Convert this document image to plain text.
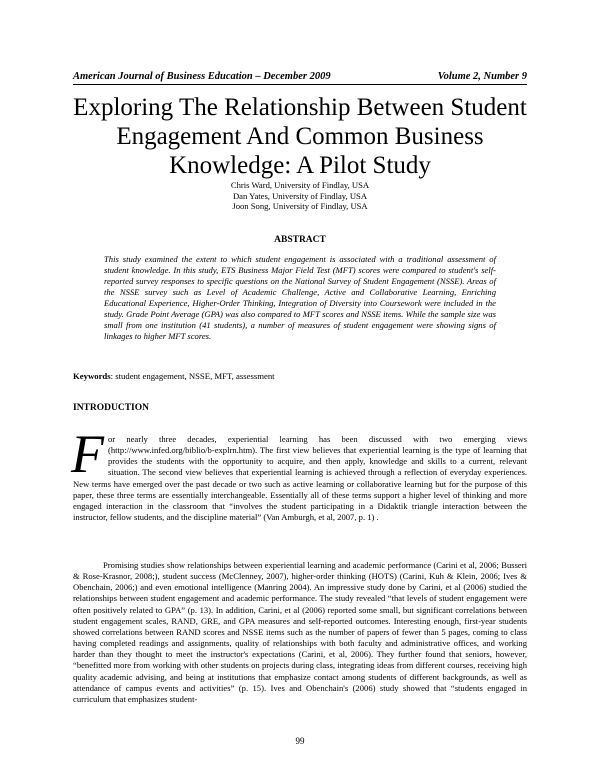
American Journal of Business Education – December 2009	Volume 2, Number 9
Exploring The Relationship Between Student Engagement And Common Business Knowledge: A Pilot Study
Chris Ward, University of Findlay, USA
Dan Yates, University of Findlay, USA
Joon Song, University of Findlay, USA
ABSTRACT
This study examined the extent to which student engagement is associated with a traditional assessment of student knowledge. In this study, ETS Business Major Field Test (MFT) scores were compared to student's self-reported survey responses to specific questions on the National Survey of Student Engagement (NSSE). Areas of the NSSE survey such as Level of Academic Challenge, Active and Collaborative Learning, Enriching Educational Experience, Higher-Order Thinking, Integration of Diversity into Coursework were included in the study. Grade Point Average (GPA) was also compared to MFT scores and NSSE items. While the sample size was small from one institution (41 students), a number of measures of student engagement were showing signs of linkages to higher MFT scores.
Keywords: student engagement, NSSE, MFT, assessment
INTRODUCTION
For nearly three decades, experiential learning has been discussed with two emerging views (http://www.infed.org/biblio/b-explrn.htm). The first view believes that experiential learning is the type of learning that provides the students with the opportunity to acquire, and then apply, knowledge and skills to a current, relevant situation. The second view believes that experiential learning is achieved through a reflection of everyday experiences. New terms have emerged over the past decade or two such as active learning or collaborative learning but for the purpose of this paper, these three terms are essentially interchangeable. Essentially all of these terms support a higher level of thinking and more engaged interaction in the classroom that “involves the student participating in a Didaktik triangle interaction between the instructor, fellow students, and the discipline material” (Van Amburgh, et al, 2007, p. 1) .
Promising studies show relationships between experiential learning and academic performance (Carini et al, 2006; Busseri & Rose-Krasnor, 2008;), student success (McClenney, 2007), higher-order thinking (HOTS) (Carini, Kuh & Klein, 2006; Ives & Obenchain, 2006;) and even emotional intelligence (Manring 2004). An impressive study done by Carini, et al (2006) studied the relationships between student engagement and academic performance. The study revealed “that levels of student engagement were often positively related to GPA” (p. 13). In addition, Carini, et al (2006) reported some small, but significant correlations between student engagement scales, RAND, GRE, and GPA measures and self-reported outcomes. Interesting enough, first-year students showed correlations between RAND scores and NSSE items such as the number of papers of fewer than 5 pages, coming to class having completed readings and assignments, quality of relationships with both faculty and administrative offices, and working harder than they thought to meet the instructor's expectations (Carini, et al, 2006). They further found that seniors, however, “benefitted more from working with other students on projects during class, integrating ideas from different courses, receiving high quality academic advising, and being at institutions that emphasize contact among students of different backgrounds, as well as attendance of campus events and activities” (p. 15). Ives and Obenchain's (2006) study showed that “students engaged in curriculum that emphasizes student-
99
